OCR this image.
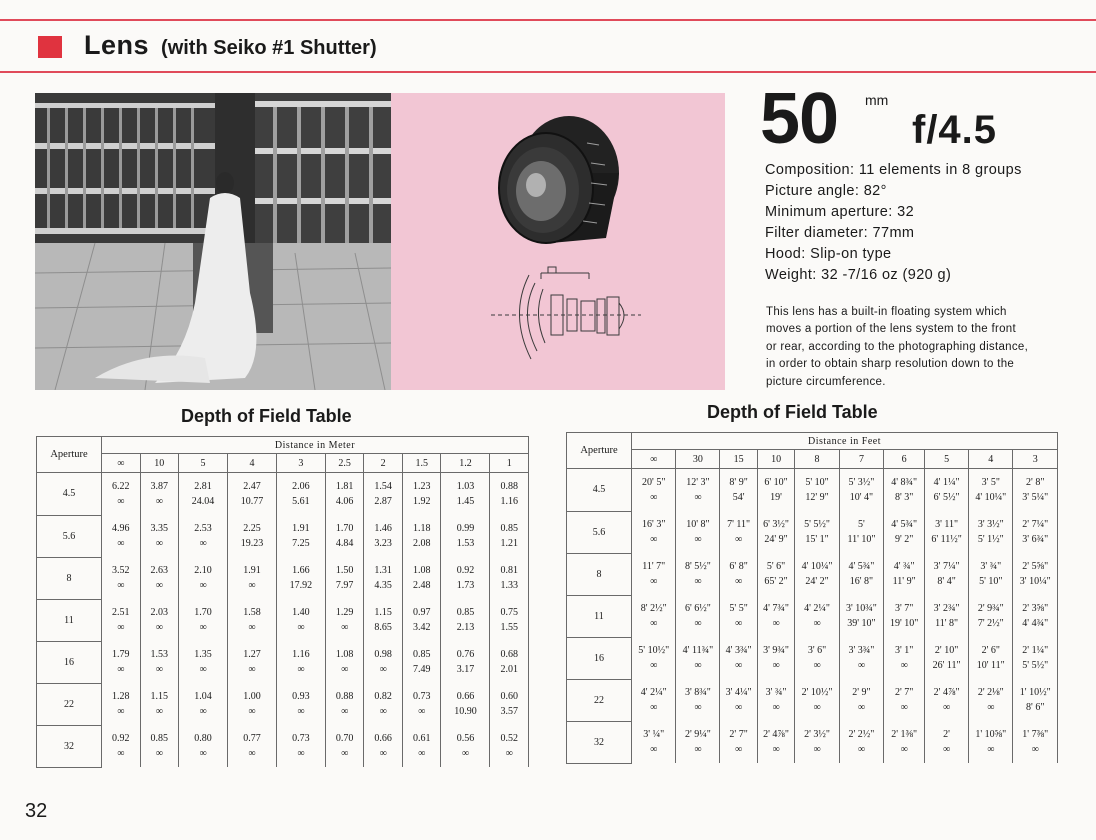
Lens (with Seiko #1 Shutter)
50 mm
f/4.5
Composition: 11 elements in 8 groups
Picture angle: 82°
Minimum aperture: 32
Filter diameter: 77mm
Hood: Slip-on type
Weight: 32 -7/16 oz (920 g)
This lens has a built-in floating system which
moves a portion of the lens system to the front
or rear, according to the photographing distance,
in order to obtain sharp resolution down to the
picture circumference.
Depth of Field Table	Depth of Field Table
Aperture	Distance in Meter									
	∞	10	5	4	3	2.5	2	1.5	1.2	1
4.5	6.22	3.87	2.81	2.47	2.06	1.81	1.54	1.23	1.03	0.88
	∞	∞	24.04	10.77	5.61	4.06	2.87	1.92	1.45	1.16
5.6	4.96	3.35	2.53	2.25	1.91	1.70	1.46	1.18	0.99	0.85
	∞	∞	∞	19.23	7.25	4.84	3.23	2.08	1.53	1.21
8	3.52	2.63	2.10	1.91	1.66	1.50	1.31	1.08	0.92	0.81
	∞	∞	∞	∞	17.92	7.97	4.35	2.48	1.73	1.33
11	2.51	2.03	1.70	1.58	1.40	1.29	1.15	0.97	0.85	0.75
	∞	∞	∞	∞	∞	∞	8.65	3.42	2.13	1.55
16	1.79	1.53	1.35	1.27	1.16	1.08	0.98	0.85	0.76	0.68
	∞	∞	∞	∞	∞	∞	∞	7.49	3.17	2.01
22	1.28	1.15	1.04	1.00	0.93	0.88	0.82	0.73	0.66	0.60
	∞	∞	∞	∞	∞	∞	∞	∞	10.90	3.57
32	0.92	0.85	0.80	0.77	0.73	0.70	0.66	0.61	0.56	0.52
	∞	∞	∞	∞	∞	∞	∞	∞	∞	∞
Aperture	Distance in Feet									
	∞	30	15	10	8	7	6	5	4	3
4.5	20' 5"	12' 3"	8' 9"	6' 10"	5' 10"	5' 3½"	4' 8¾"	4' 1¼"	3' 5"	2' 8"
	∞	∞	54'	19'	12' 9"	10' 4"	8' 3"	6' 5½"	4' 10¼"	3' 5¼"
5.6	16' 3"	10' 8"	7' 11"	6' 3½"	5' 5½"	5'	4' 5¾"	3' 11"	3' 3½"	2' 7¼"
	∞	∞	∞	24' 9"	15' 1"	11' 10"	9' 2"	6' 11½"	5' 1½"	3' 6¾"
8	11' 7"	8' 5½"	6' 8"	5' 6"	4' 10¼"	4' 5¾"	4' ¾"	3' 7¼"	3' ¾"	2' 5⅝"
	∞	∞	∞	65' 2"	24' 2"	16' 8"	11' 9"	8' 4"	5' 10"	3' 10¼"
11	8' 2½"	6' 6½"	5' 5"	4' 7¾"	4' 2¼"	3' 10¾"	3' 7"	3' 2¾"	2' 9¾"	2' 3⅝"
	∞	∞	∞	∞	∞	39' 10"	19' 10"	11' 8"	7' 2½"	4' 4¾"
16	5' 10½"	4' 11¾"	4' 3¾"	3' 9¾"	3' 6"	3' 3¾"	3' 1"	2' 10"	2' 6"	2' 1¼"
	∞	∞	∞	∞	∞	∞	∞	26' 11"	10' 11"	5' 5½"
22	4' 2¼"	3' 8¾"	3' 4¼"	3' ¾"	2' 10½"	2' 9"	2' 7"	2' 4⅞"	2' 2⅛"	1' 10½"
	∞	∞	∞	∞	∞	∞	∞	∞	∞	8' 6"
32	3' ¼"	2' 9¼"	2' 7"	2' 4⅞"	2' 3½"	2' 2½"	2' 1⅜"	2'	1' 10⅝"	1' 7⅜"
	∞	∞	∞	∞	∞	∞	∞	∞	∞	∞
32
